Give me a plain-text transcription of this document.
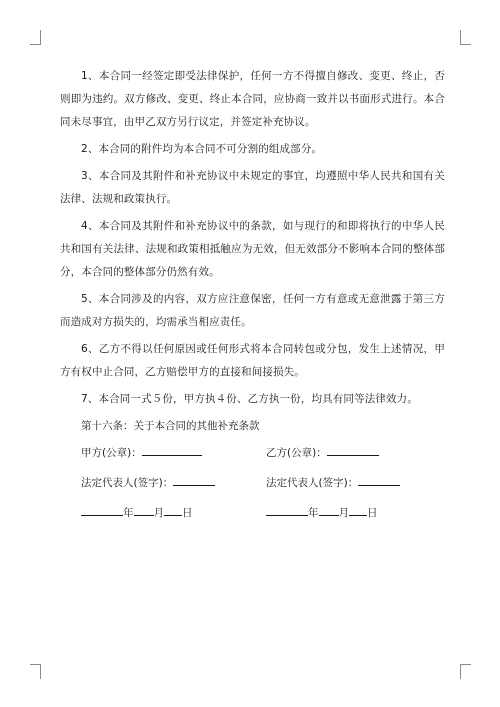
1、本合同一经签定即受法律保护，任何一方不得擅自修改、变更、终止，否则即为违约。双方修改、变更、终止本合同，应协商一致并以书面形式进行。本合同未尽事宜，由甲乙双方另行议定，并签定补充协议。

2、本合同的附件均为本合同不可分割的组成部分。

3、本合同及其附件和补充协议中未规定的事宜，均遵照中华人民共和国有关法律、法规和政策执行。

4、本合同及其附件和补充协议中的条款，如与现行的和即将执行的中华人民共和国有关法律、法规和政策相抵触应为无效，但无效部分不影响本合同的整体部分，本合同的整体部分仍然有效。

5、本合同涉及的内容，双方应注意保密，任何一方有意或无意泄露于第三方而造成对方损失的，均需承当相应责任。

6、乙方不得以任何原因或任何形式将本合同转包或分包，发生上述情况，甲方有权中止合同，乙方赔偿甲方的直接和间接损失。

7、本合同一式５份，甲方执４份、乙方执一份，均具有同等法律效力。

第十六条：关于本合同的其他补充条款

甲方(公章)：	乙方(公章)：
法定代表人(签字)：	法定代表人(签字)：
年 月 日	年 月 日
